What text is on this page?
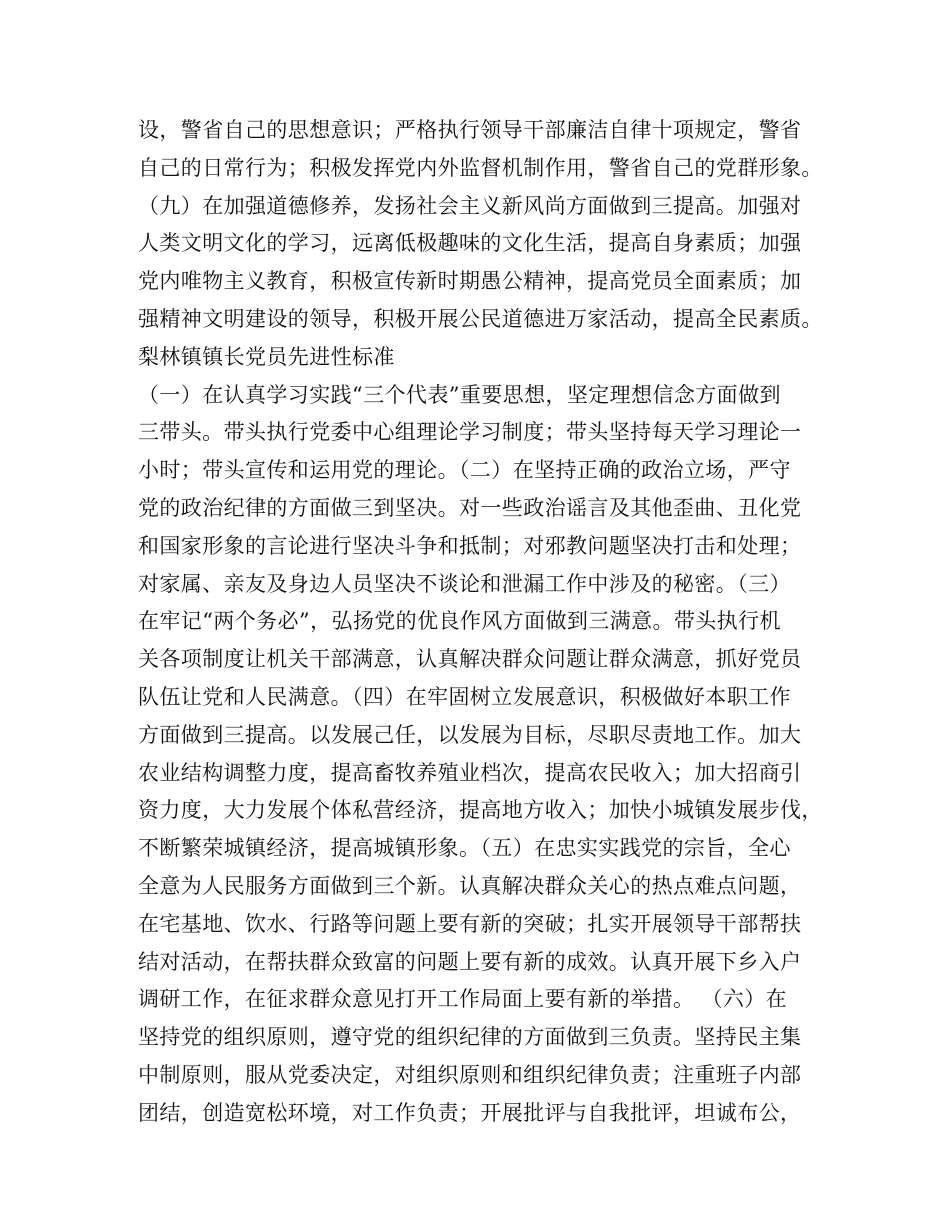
设，警省自己的思想意识；严格执行领导干部廉洁自律十项规定，警省
自己的日常行为；积极发挥党内外监督机制作用，警省自己的党群形象。
（九）在加强道德修养，发扬社会主义新风尚方面做到三提高。加强对
人类文明文化的学习，远离低极趣味的文化生活，提高自身素质；加强
党内唯物主义教育，积极宣传新时期愚公精神，提高党员全面素质；加
强精神文明建设的领导，积极开展公民道德进万家活动，提高全民素质。
梨林镇镇长党员先进性标准
（一）在认真学习实践“三个代表”重要思想，坚定理想信念方面做到
三带头。带头执行党委中心组理论学习制度；带头坚持每天学习理论一
小时；带头宣传和运用党的理论。（二）在坚持正确的政治立场，严守
党的政治纪律的方面做三到坚决。对一些政治谣言及其他歪曲、丑化党
和国家形象的言论进行坚决斗争和抵制；对邪教问题坚决打击和处理；
对家属、亲友及身边人员坚决不谈论和泄漏工作中涉及的秘密。（三）
在牢记“两个务必”，弘扬党的优良作风方面做到三满意。带头执行机
关各项制度让机关干部满意，认真解决群众问题让群众满意，抓好党员
队伍让党和人民满意。（四）在牢固树立发展意识，积极做好本职工作
方面做到三提高。以发展己任，以发展为目标，尽职尽责地工作。加大
农业结构调整力度，提高畜牧养殖业档次，提高农民收入；加大招商引
资力度，大力发展个体私营经济，提高地方收入；加快小城镇发展步伐，
不断繁荣城镇经济，提高城镇形象。（五）在忠实实践党的宗旨，全心
全意为人民服务方面做到三个新。认真解决群众关心的热点难点问题，
在宅基地、饮水、行路等问题上要有新的突破；扎实开展领导干部帮扶
结对活动，在帮扶群众致富的问题上要有新的成效。认真开展下乡入户
调研工作，在征求群众意见打开工作局面上要有新的举措。 （六）在
坚持党的组织原则，遵守党的组织纪律的方面做到三负责。坚持民主集
中制原则，服从党委决定，对组织原则和组织纪律负责；注重班子内部
团结，创造宽松环境，对工作负责；开展批评与自我批评，坦诚布公，
